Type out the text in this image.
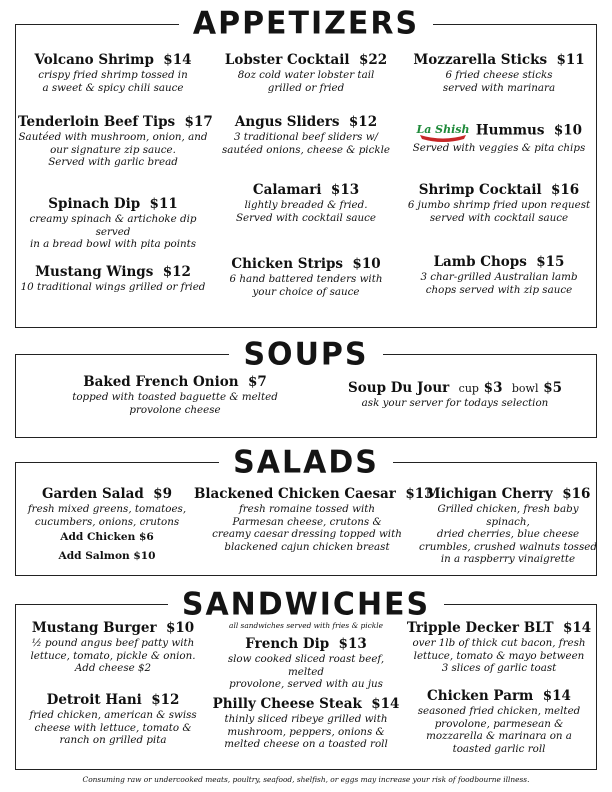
APPETIZERS
Volcano Shrimp $14
crispy fried shrimp tossed in
a sweet & spicy chili sauce
Lobster Cocktail $22
8oz cold water lobster tail
grilled or fried
Mozzarella Sticks $11
6 fried cheese sticks
served with marinara
Tenderloin Beef Tips $17
Sautéed with mushroom, onion, and
our signature zip sauce.
Served with garlic bread
Angus Sliders $12
3 traditional beef sliders w/
sautéed onions, cheese & pickle
La Shish Hummus $10
Served with veggies & pita chips
Spinach Dip $11
creamy spinach & artichoke dip served
in a bread bowl with pita points
Calamari $13
lightly breaded & fried.
Served with cocktail sauce
Shrimp Cocktail $16
6 jumbo shrimp fried upon request
served with cocktail sauce
Mustang Wings $12
10 traditional wings grilled or fried
Chicken Strips $10
6 hand battered tenders with
your choice of sauce
Lamb Chops $15
3 char-grilled Australian lamb
chops served with zip sauce
SOUPS
Baked French Onion $7
topped with toasted baguette & melted
provolone cheese
Soup Du Jour cup $3 bowl $5
ask your server for todays selection
SALADS
Garden Salad $9
fresh mixed greens, tomatoes,
cucumbers, onions, crutons
Add Chicken $6
Add Salmon $10
Blackened Chicken Caesar $13
fresh romaine tossed with
Parmesan cheese, crutons &
creamy caesar dressing topped with
blackened cajun chicken breast
Michigan Cherry $16
Grilled chicken, fresh baby spinach,
dried cherries, blue cheese
crumbles, crushed walnuts tossed
in a raspberry vinaigrette
SANDWICHES
all sandwiches served with fries & pickle
Mustang Burger $10
½ pound angus beef patty with
lettuce, tomato, pickle & onion.
Add cheese $2
French Dip $13
slow cooked sliced roast beef, melted
provolone, served with au jus
Tripple Decker BLT $14
over 1lb of thick cut bacon, fresh
lettuce, tomato & mayo between
3 slices of garlic toast
Detroit Hani $12
fried chicken, american & swiss
cheese with lettuce, tomato &
ranch on grilled pita
Philly Cheese Steak $14
thinly sliced ribeye grilled with
mushroom, peppers, onions &
melted cheese on a toasted roll
Chicken Parm $14
seasoned fried chicken, melted
provolone, parmesean &
mozzarella & marinara on a
toasted garlic roll
Consuming raw or undercooked meats, poultry, seafood, shelfish, or eggs may increase your risk of foodbourne illness.
